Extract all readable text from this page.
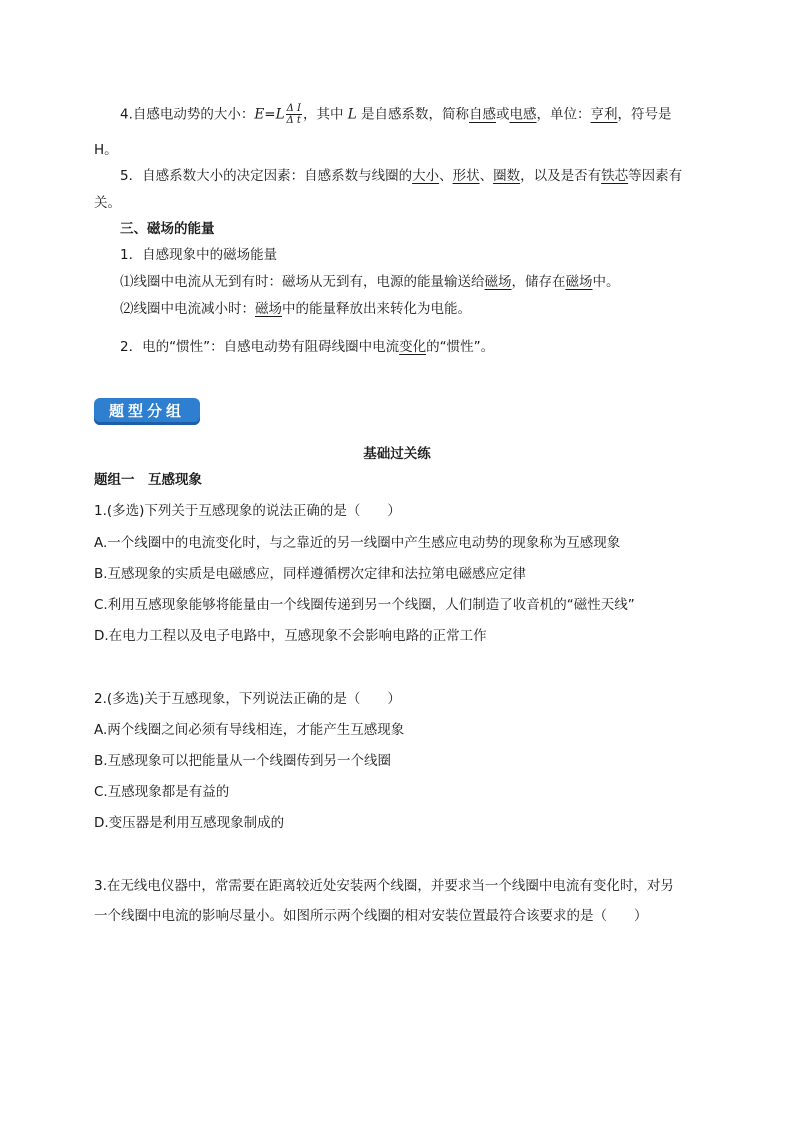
4.自感电动势的大小：$E=L \frac{\text{Δ I}}{\text{Δ t}}$ ，其中 L 是自感系数，简称自感或电感，单位：亨利，符号是
H。
5．自感系数大小的决定因素：自感系数与线圈的大小、形状、圈数，以及是否有铁芯等因素有
关。
三、磁场的能量
1．自感现象中的磁场能量
⑴线圈中电流从无到有时：磁场从无到有，电源的能量输送给磁场，储存在磁场中。
⑵线圈中电流减小时：磁场中的能量释放出来转化为电能。
2．电的“惯性”：自感电动势有阻碍线圈中电流变化的“惯性”。
题型分组
基础过关练
题组一　互感现象
1.(多选)下列关于互感现象的说法正确的是（　　）
A.一个线圈中的电流变化时，与之靠近的另一线圈中产生感应电动势的现象称为互感现象
B.互感现象的实质是电磁感应，同样遵循楞次定律和法拉第电磁感应定律
C.利用互感现象能够将能量由一个线圈传递到另一个线圈，人们制造了收音机的“磁性天线”
D.在电力工程以及电子电路中，互感现象不会影响电路的正常工作
2.(多选)关于互感现象，下列说法正确的是（　　）
A.两个线圈之间必须有导线相连，才能产生互感现象
B.互感现象可以把能量从一个线圈传到另一个线圈
C.互感现象都是有益的
D.变压器是利用互感现象制成的
3.在无线电仪器中，常需要在距离较近处安装两个线圈，并要求当一个线圈中电流有变化时，对另
一个线圈中电流的影响尽量小。如图所示两个线圈的相对安装位置最符合该要求的是（　　）
